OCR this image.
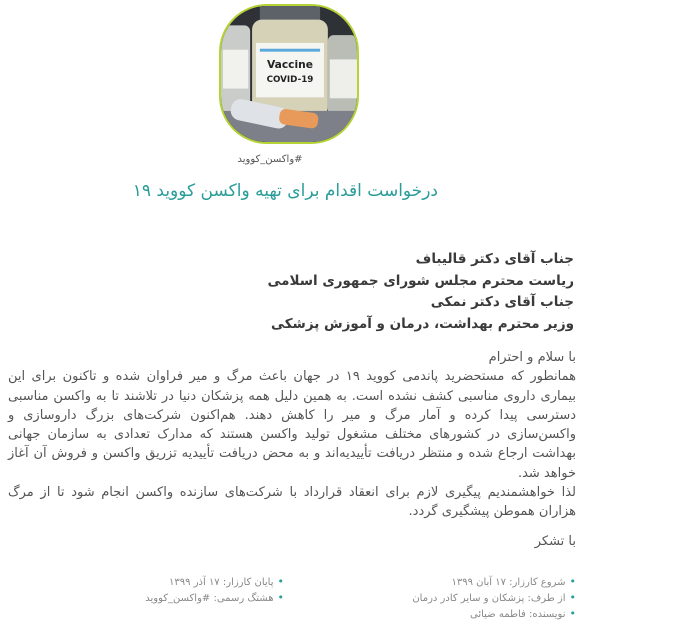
Vaccine
COVID-19
#واکسن_کووید
درخواست اقدام برای تهیه واکسن کووید ۱۹
جناب آقای دکتر قالیباف
ریاست محترم مجلس شورای جمهوری اسلامی
جناب آقای دکتر نمکی
وزیر محترم بهداشت، درمان و آموزش پزشکی

با سلام و احترام

همانطور که مستحضرید پاندمی کووید ۱۹ در جهان باعث مرگ و میر فراوان شده و تاکنون برای این بیماری داروی مناسبی کشف نشده است. به همین دلیل همه پزشکان دنیا در تلاشند تا به واکسن مناسبی دسترسی پیدا کرده و آمار مرگ و میر را کاهش دهند. هم‌اکنون شرکت‌های بزرگ داروسازی و واکسن‌سازی در کشورهای مختلف مشغول تولید واکسن هستند که مدارک تعدادی به سازمان جهانی بهداشت ارجاع شده و منتظر دریافت تأییدیه‌اند و به محض دریافت تأییدیه تزریق واکسن و فروش آن آغاز خواهد شد.

لذا خواهشمندیم پیگیری لازم برای انعقاد قرارداد با شرکت‌های سازنده واکسن انجام شود تا از مرگ هزاران هموطن پیشگیری گردد.

با تشکر

• شروع کارزار: ۱۷ آبان ۱۳۹۹
• از طرف: پزشکان و سایر کادر درمان
• نویسنده: فاطمه ضیائی
• پایان کارزار: ۱۷ آذر ۱۳۹۹
• هشتگ رسمی: #واکسن_کووید
